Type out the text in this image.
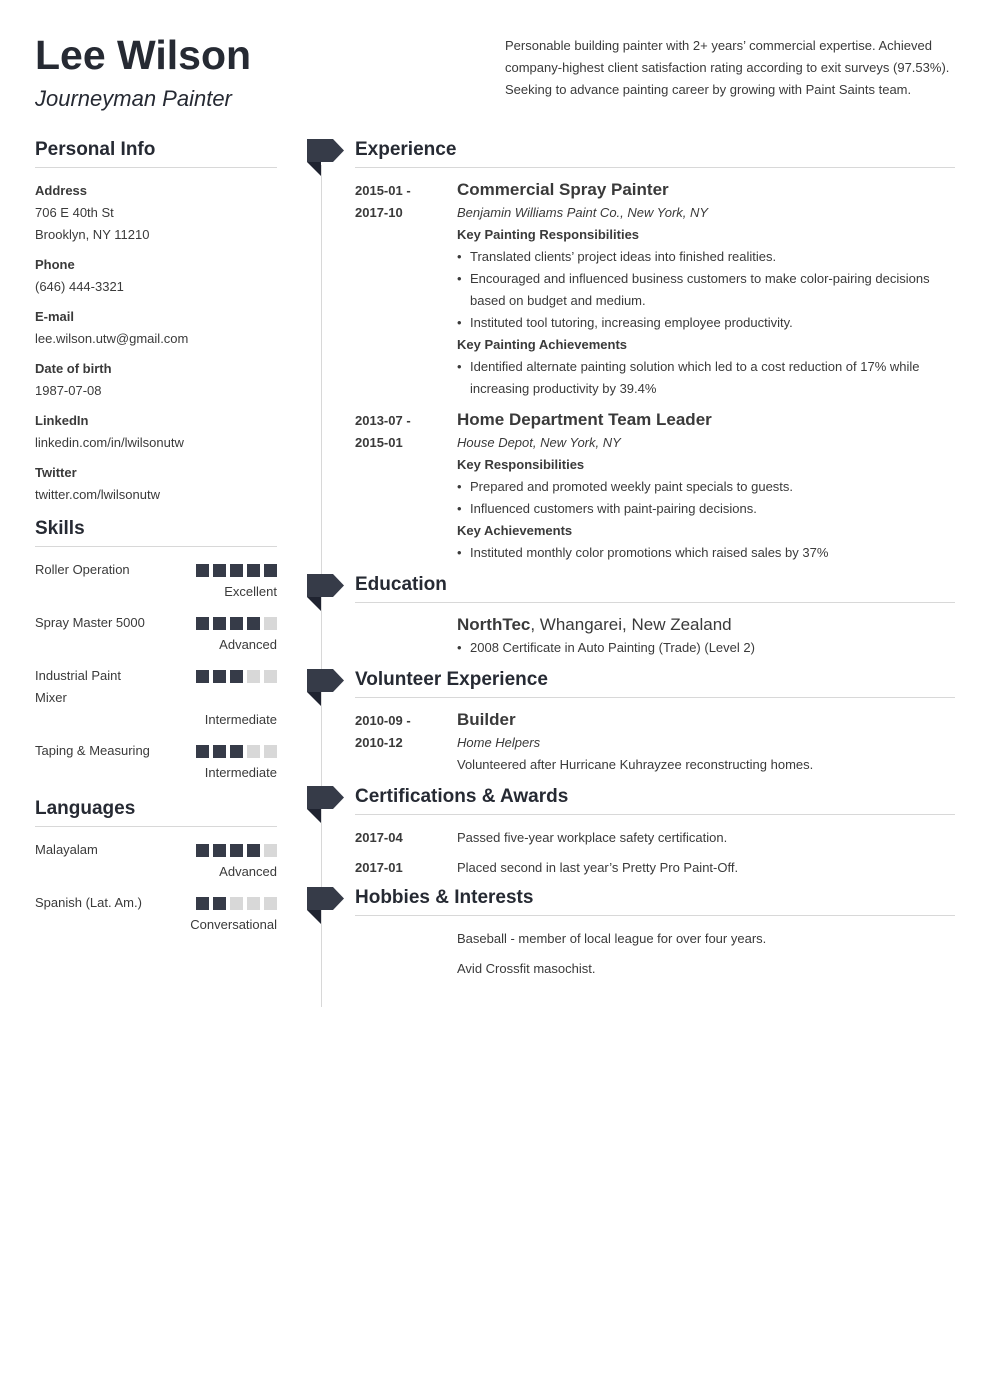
Lee Wilson
Journeyman Painter

Personable building painter with 2+ years’ commercial expertise. Achieved company-highest client satisfaction rating according to exit surveys (97.53%). Seeking to advance painting career by growing with Paint Saints team.

Personal Info
Address
706 E 40th St
Brooklyn, NY 11210
Phone
(646) 444-3321
E-mail
lee.wilson.utw@gmail.com
Date of birth
1987-07-08
LinkedIn
linkedin.com/in/lwilsonutw
Twitter
twitter.com/lwilsonutw
Skills
Roller Operation
Excellent
Spray Master 5000
Advanced
Industrial Paint Mixer
Intermediate
Taping & Measuring
Intermediate
Languages
Malayalam
Advanced
Spanish (Lat. Am.)
Conversational
Experience
2015-01 -
2017-10
Commercial Spray Painter
Benjamin Williams Paint Co., New York, NY
Key Painting Responsibilities
• Translated clients’ project ideas into finished realities.
• Encouraged and influenced business customers to make color-pairing decisions based on budget and medium.
• Instituted tool tutoring, increasing employee productivity.
Key Painting Achievements
• Identified alternate painting solution which led to a cost reduction of 17% while increasing productivity by 39.4%
2013-07 -
2015-01
Home Department Team Leader
House Depot, New York, NY
Key Responsibilities
• Prepared and promoted weekly paint specials to guests.
• Influenced customers with paint-pairing decisions.
Key Achievements
• Instituted monthly color promotions which raised sales by 37%
Education
NorthTec, Whangarei, New Zealand
• 2008 Certificate in Auto Painting (Trade) (Level 2)
Volunteer Experience
2010-09 -
2010-12
Builder
Home Helpers
Volunteered after Hurricane Kuhrayzee reconstructing homes.
Certifications & Awards
2017-04	Passed five-year workplace safety certification.
2017-01	Placed second in last year’s Pretty Pro Paint-Off.
Hobbies & Interests
Baseball - member of local league for over four years.
Avid Crossfit masochist.
